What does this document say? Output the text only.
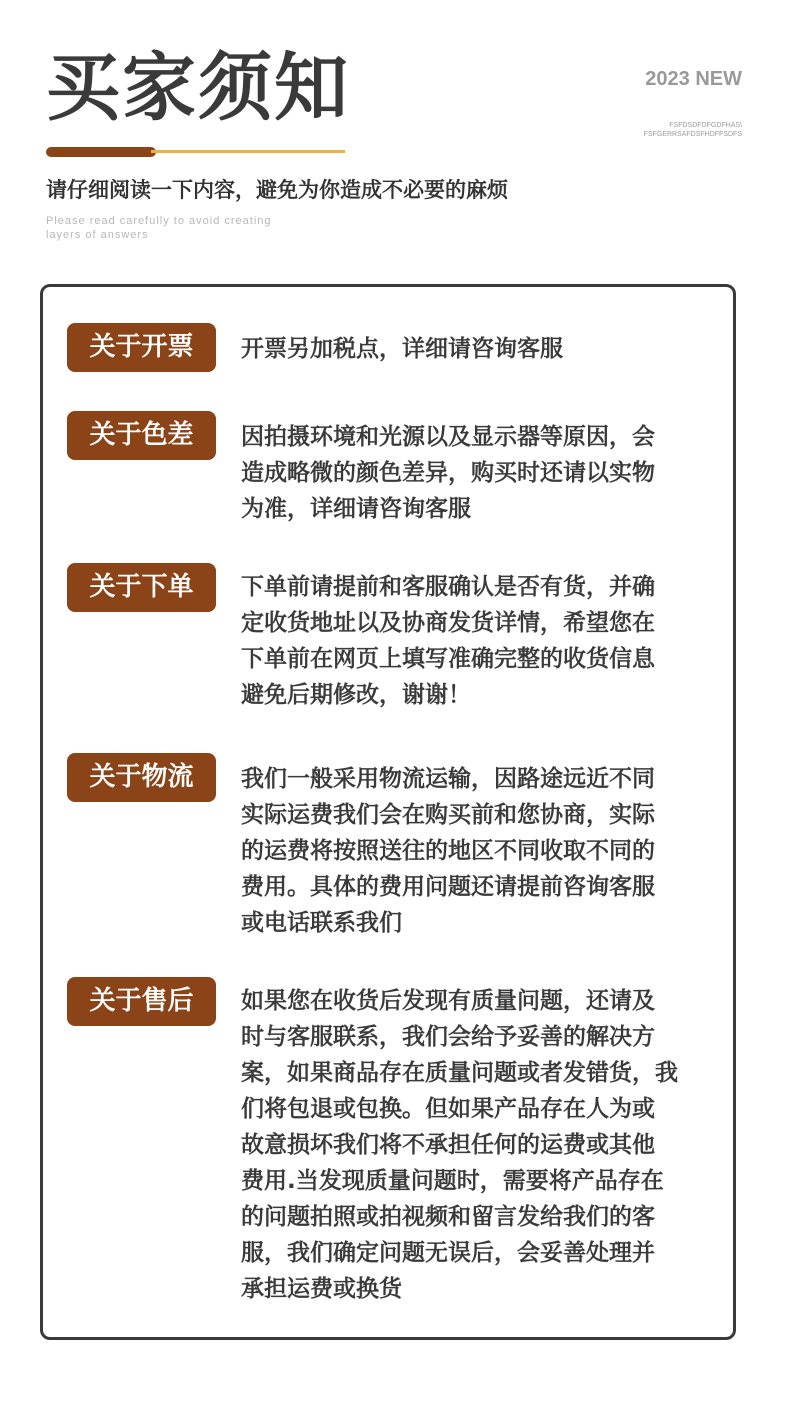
买家须知	2023 NEW
FSFDSDFDFGDFHAS\
FSFGERRSAFDSFHDFFSDFS
请仔细阅读一下内容，避免为你造成不必要的麻烦
Please read carefully to avoid creating
layers of answers
关于开票	开票另加税点，详细请咨询客服
关于色差	因拍摄环境和光源以及显示器等原因，会
造成略微的颜色差异，购买时还请以实物
为准，详细请咨询客服
关于下单	下单前请提前和客服确认是否有货，并确
定收货地址以及协商发货详情，希望您在
下单前在网页上填写准确完整的收货信息
避免后期修改，谢谢！
关于物流	我们一般采用物流运输，因路途远近不同
实际运费我们会在购买前和您协商，实际
的运费将按照送往的地区不同收取不同的
费用。具体的费用问题还请提前咨询客服
或电话联系我们
关于售后	如果您在收货后发现有质量问题，还请及
时与客服联系，我们会给予妥善的解决方
案，如果商品存在质量问题或者发错货，我
们将包退或包换。但如果产品存在人为或
故意损坏我们将不承担任何的运费或其他
费用.当发现质量问题时，需要将产品存在
的问题拍照或拍视频和留言发给我们的客
服，我们确定问题无误后，会妥善处理并
承担运费或换货
